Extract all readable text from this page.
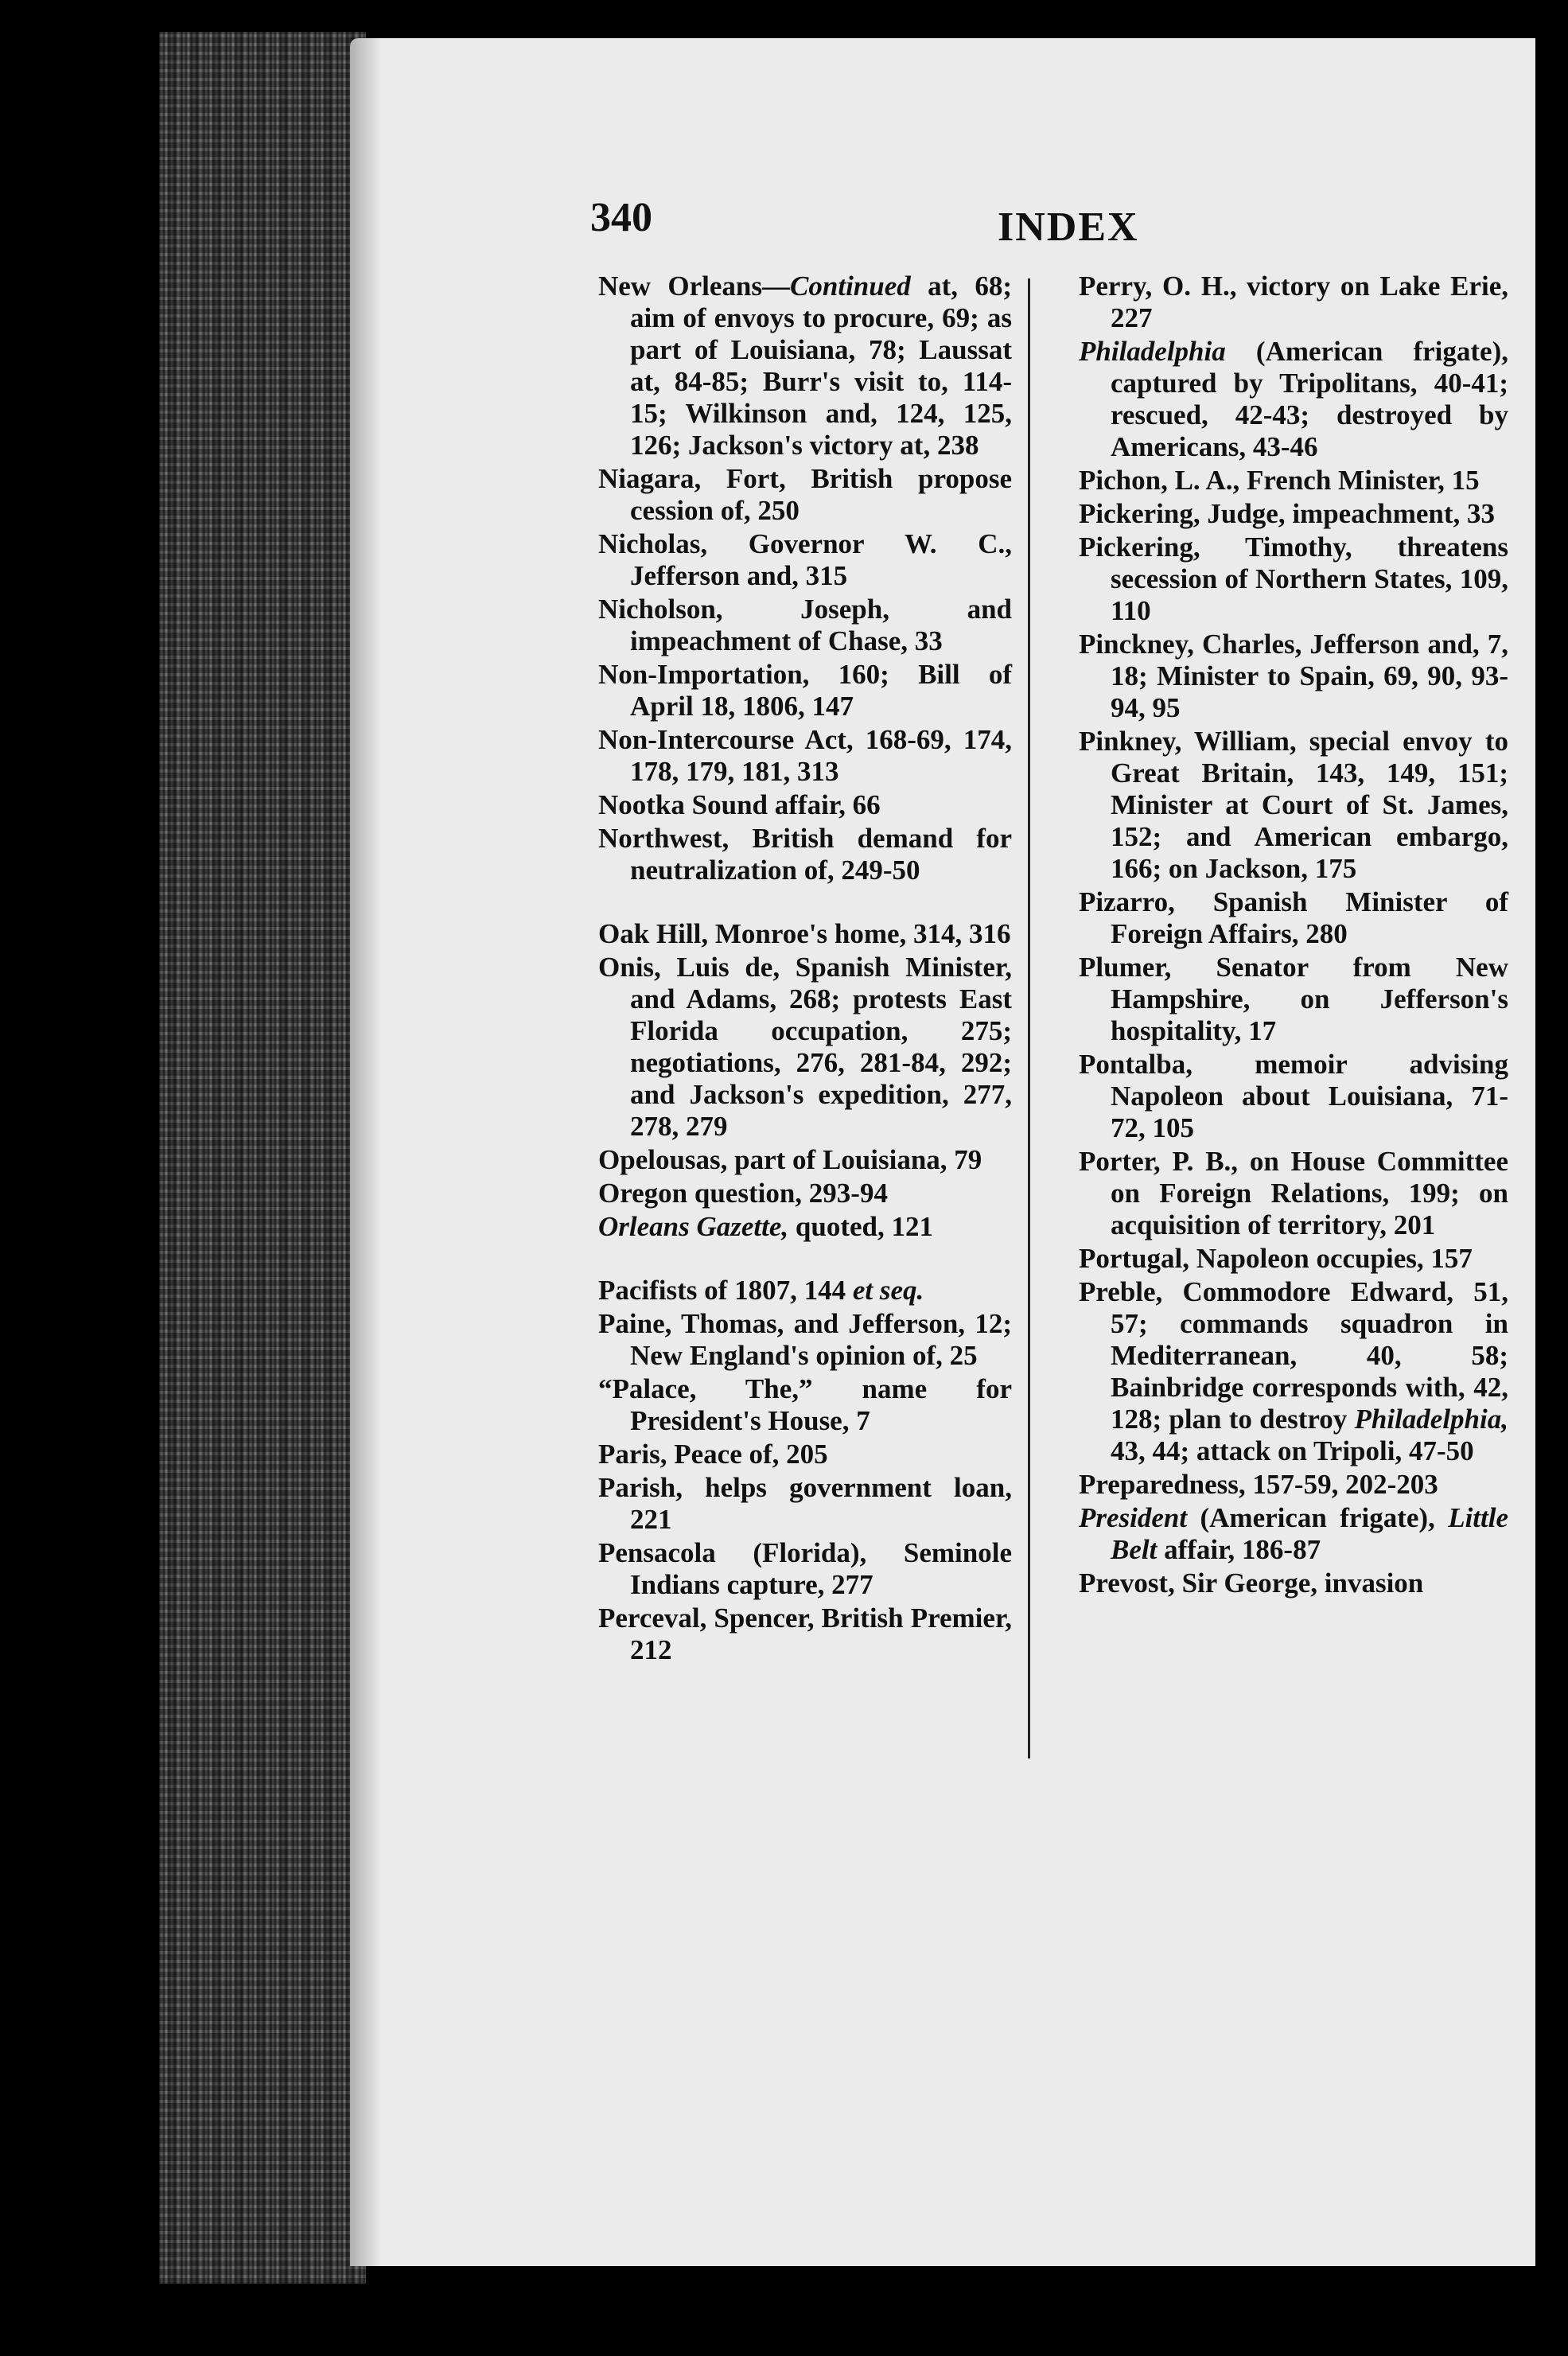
340	INDEX
New Orleans—Continued at, 68; aim of envoys to procure, 69; as part of Louisiana, 78; Laussat at, 84-85; Burr's visit to, 114-15; Wilkinson and, 124, 125, 126; Jackson's victory at, 238
Niagara, Fort, British propose cession of, 250
Nicholas, Governor W. C., Jefferson and, 315
Nicholson, Joseph, and impeachment of Chase, 33
Non-Importation, 160; Bill of April 18, 1806, 147
Non-Intercourse Act, 168-69, 174, 178, 179, 181, 313
Nootka Sound affair, 66
Northwest, British demand for neutralization of, 249-50
Oak Hill, Monroe's home, 314, 316
Onis, Luis de, Spanish Minister, and Adams, 268; protests East Florida occupation, 275; negotiations, 276, 281-84, 292; and Jackson's expedition, 277, 278, 279
Opelousas, part of Louisiana, 79
Oregon question, 293-94
Orleans Gazette, quoted, 121
Pacifists of 1807, 144 et seq.
Paine, Thomas, and Jefferson, 12; New England's opinion of, 25
“Palace, The,” name for President's House, 7
Paris, Peace of, 205
Parish, helps government loan, 221
Pensacola (Florida), Seminole Indians capture, 277
Perceval, Spencer, British Premier, 212
Perry, O. H., victory on Lake Erie, 227
Philadelphia (American frigate), captured by Tripolitans, 40-41; rescued, 42-43; destroyed by Americans, 43-46
Pichon, L. A., French Minister, 15
Pickering, Judge, impeachment, 33
Pickering, Timothy, threatens secession of Northern States, 109, 110
Pinckney, Charles, Jefferson and, 7, 18; Minister to Spain, 69, 90, 93-94, 95
Pinkney, William, special envoy to Great Britain, 143, 149, 151; Minister at Court of St. James, 152; and American embargo, 166; on Jackson, 175
Pizarro, Spanish Minister of Foreign Affairs, 280
Plumer, Senator from New Hampshire, on Jefferson's hospitality, 17
Pontalba, memoir advising Napoleon about Louisiana, 71-72, 105
Porter, P. B., on House Committee on Foreign Relations, 199; on acquisition of territory, 201
Portugal, Napoleon occupies, 157
Preble, Commodore Edward, 51, 57; commands squadron in Mediterranean, 40, 58; Bainbridge corresponds with, 42, 128; plan to destroy Philadelphia, 43, 44; attack on Tripoli, 47-50
Preparedness, 157-59, 202-203
President (American frigate), Little Belt affair, 186-87
Prevost, Sir George, invasion
